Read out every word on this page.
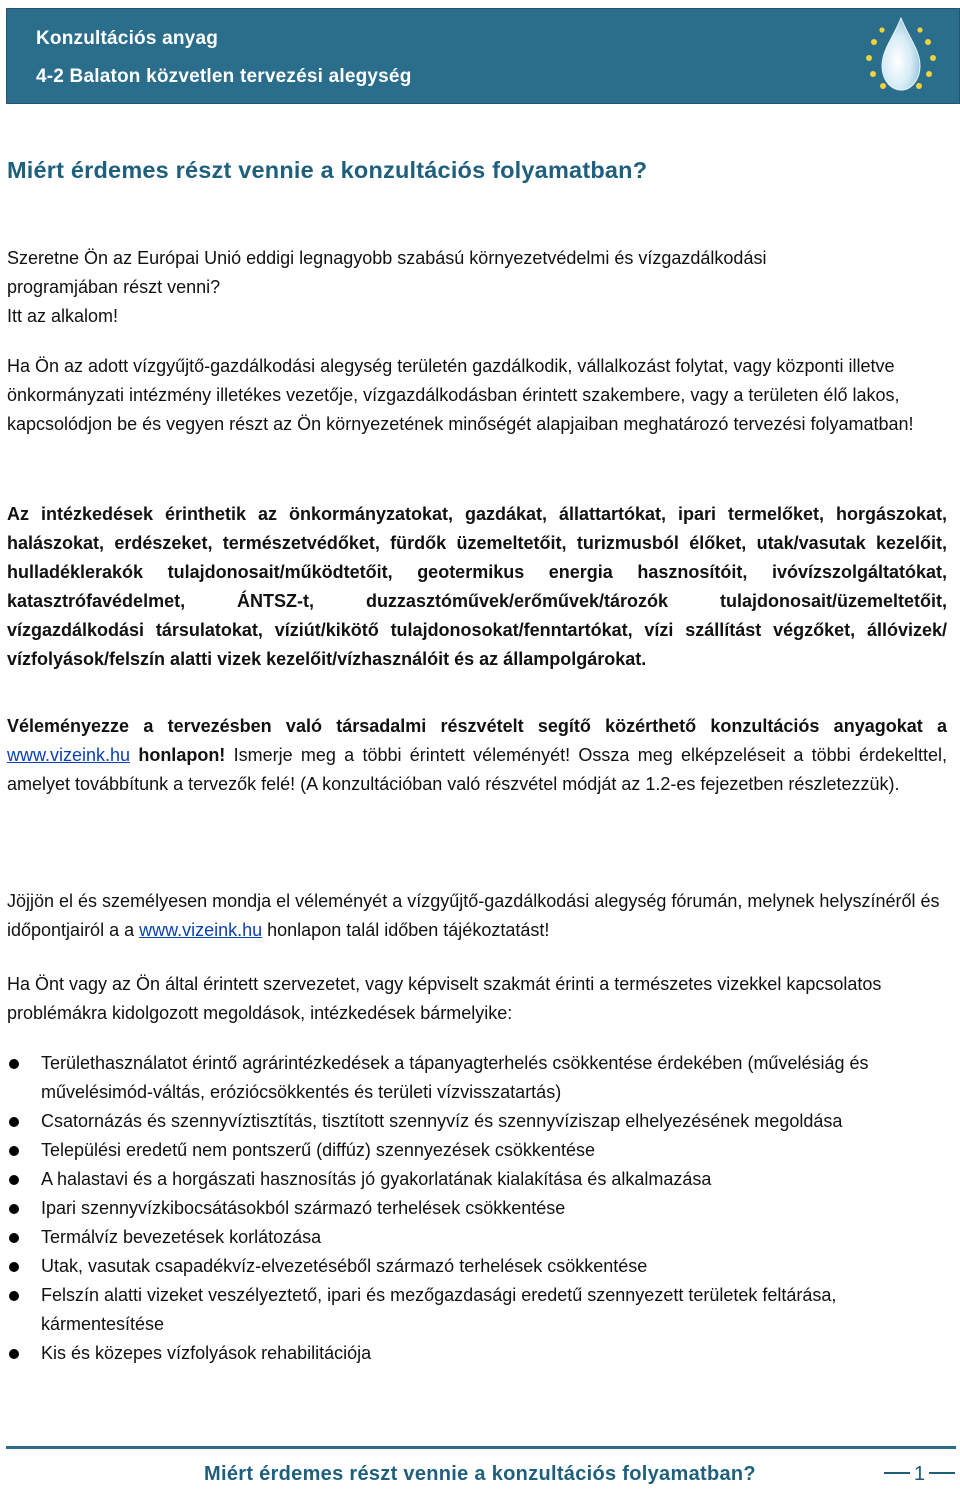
Konzultációs anyag
4-2 Balaton közvetlen tervezési alegység
Miért érdemes részt vennie a konzultációs folyamatban?

Szeretne Ön az Európai Unió eddigi legnagyobb szabású környezetvédelmi és vízgazdálkodási
programjában részt venni?
Itt az alkalom!

Ha Ön az adott vízgyűjtő-gazdálkodási alegység területén gazdálkodik, vállalkozást folytat, vagy központi illetve önkormányzati intézmény illetékes vezetője, vízgazdálkodásban érintett szakembere, vagy a területen élő lakos, kapcsolódjon be és vegyen részt az Ön környezetének minőségét alapjaiban meghatározó tervezési folyamatban!

Az intézkedések érinthetik az önkormányzatokat, gazdákat, állattartókat, ipari termelőket, horgászokat, halászokat, erdészeket, természetvédőket, fürdők üzemeltetőit, turizmusból élőket, utak/vasutak kezelőit, hulladéklerakók tulajdonosait/működtetőit, geotermikus energia hasznosítóit, ivóvízszolgáltatókat, katasztrófavédelmet, ÁNTSZ-t, duzzasztóművek/erőművek/tározók tulajdonosait/üzemeltetőit, vízgazdálkodási társulatokat, víziút/kikötő tulajdonosokat/fenntartókat, vízi szállítást végzőket, állóvizek/ vízfolyások/felszín alatti vizek kezelőit/vízhasználóit és az állampolgárokat.

Véleményezze a tervezésben való társadalmi részvételt segítő közérthető konzultációs anyagokat a www.vizeink.hu honlapon! Ismerje meg a többi érintett véleményét! Ossza meg elképzeléseit a többi érdekelttel, amelyet továbbítunk a tervezők felé! (A konzultációban való részvétel módját az 1.2-es fejezetben részletezzük).

Jöjjön el és személyesen mondja el véleményét a vízgyűjtő-gazdálkodási alegység fórumán, melynek helyszínéről és időpontjairól a a www.vizeink.hu honlapon talál időben tájékoztatást!

Ha Önt vagy az Ön által érintett szervezetet, vagy képviselt szakmát érinti a természetes vizekkel kapcsolatos problémákra kidolgozott megoldások, intézkedések bármelyike:

Területhasználatot érintő agrárintézkedések a tápanyagterhelés csökkentése érdekében (művelésiág és művelésimód-váltás, eróziócsökkentés és területi vízvisszatartás)
Csatornázás és szennyvíztisztítás, tisztított szennyvíz és szennyvíziszap elhelyezésének megoldása
Települési eredetű nem pontszerű (diffúz) szennyezések csökkentése
A halastavi és a horgászati hasznosítás jó gyakorlatának kialakítása és alkalmazása
Ipari szennyvízkibocsátásokból származó terhelések csökkentése
Termálvíz bevezetések korlátozása
Utak, vasutak csapadékvíz-elvezetéséből származó terhelések csökkentése
Felszín alatti vizeket veszélyeztető, ipari és mezőgazdasági eredetű szennyezett területek feltárása, kármentesítése
Kis és közepes vízfolyások rehabilitációja
Miért érdemes részt vennie a konzultációs folyamatban?	1
